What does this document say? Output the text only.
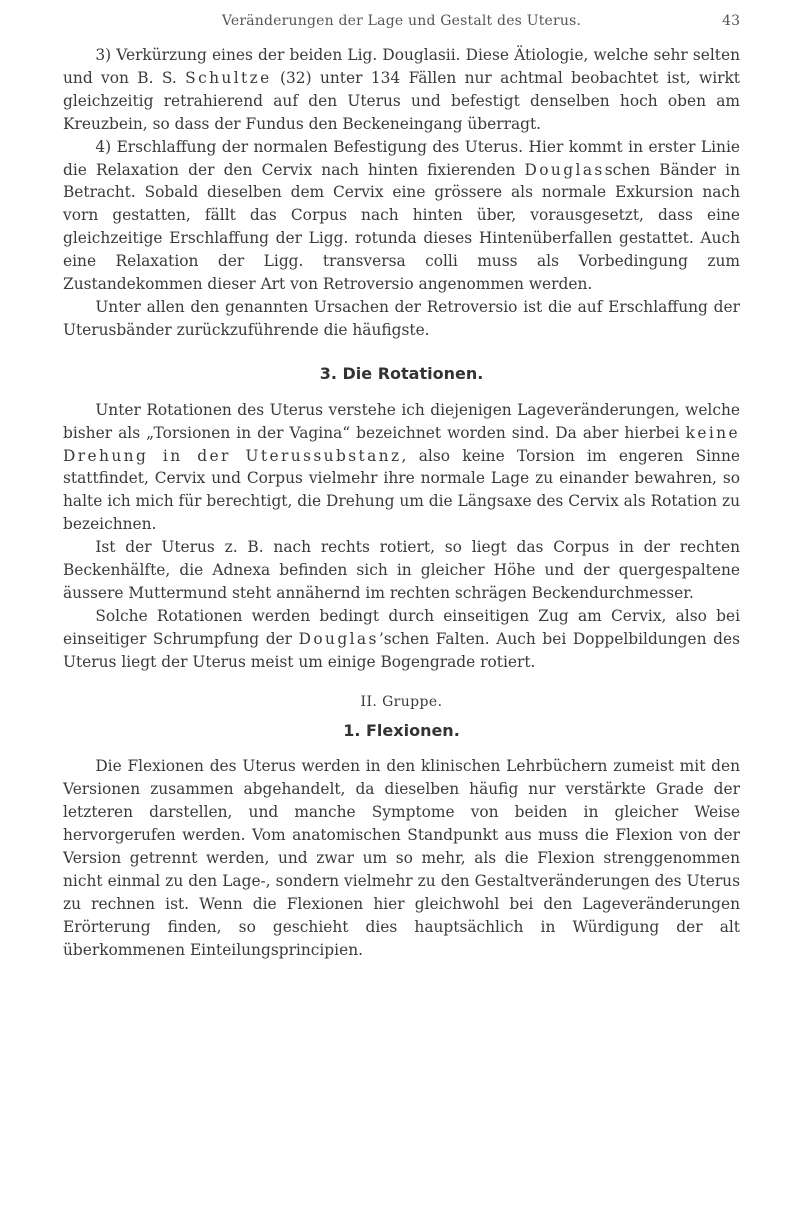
Veränderungen der Lage und Gestalt des Uterus.	43

3) Verkürzung eines der beiden Lig. Douglasii. Diese Ätiologie, welche sehr selten und von B. S. Schultze (32) unter 134 Fällen nur achtmal beobachtet ist, wirkt gleichzeitig retrahierend auf den Uterus und befestigt denselben hoch oben am Kreuzbein, so dass der Fundus den Beckeneingang überragt.

4) Erschlaffung der normalen Befestigung des Uterus. Hier kommt in erster Linie die Relaxation der den Cervix nach hinten fixierenden Douglasschen Bänder in Betracht. Sobald dieselben dem Cervix eine grössere als normale Exkursion nach vorn gestatten, fällt das Corpus nach hinten über, vorausgesetzt, dass eine gleichzeitige Erschlaffung der Ligg. rotunda dieses Hintenüberfallen gestattet. Auch eine Relaxation der Ligg. transversa colli muss als Vorbedingung zum Zustandekommen dieser Art von Retroversio angenommen werden.

Unter allen den genannten Ursachen der Retroversio ist die auf Erschlaffung der Uterusbänder zurückzuführende die häufigste.

3. Die Rotationen.

Unter Rotationen des Uterus verstehe ich diejenigen Lageveränderungen, welche bisher als „Torsionen in der Vagina“ bezeichnet worden sind. Da aber hierbei keine Drehung in der Uterussubstanz, also keine Torsion im engeren Sinne stattfindet, Cervix und Corpus vielmehr ihre normale Lage zu einander bewahren, so halte ich mich für berechtigt, die Drehung um die Längsaxe des Cervix als Rotation zu bezeichnen.

Ist der Uterus z. B. nach rechts rotiert, so liegt das Corpus in der rechten Beckenhälfte, die Adnexa befinden sich in gleicher Höhe und der quergespaltene äussere Muttermund steht annähernd im rechten schrägen Beckendurchmesser.

Solche Rotationen werden bedingt durch einseitigen Zug am Cervix, also bei einseitiger Schrumpfung der Douglas’schen Falten. Auch bei Doppelbildungen des Uterus liegt der Uterus meist um einige Bogengrade rotiert.

II. Gruppe.
1. Flexionen.

Die Flexionen des Uterus werden in den klinischen Lehrbüchern zumeist mit den Versionen zusammen abgehandelt, da dieselben häufig nur verstärkte Grade der letzteren darstellen, und manche Symptome von beiden in gleicher Weise hervorgerufen werden. Vom anatomischen Standpunkt aus muss die Flexion von der Version getrennt werden, und zwar um so mehr, als die Flexion strenggenommen nicht einmal zu den Lage-, sondern vielmehr zu den Gestaltveränderungen des Uterus zu rechnen ist. Wenn die Flexionen hier gleichwohl bei den Lageveränderungen Erörterung finden, so geschieht dies hauptsächlich in Würdigung der alt überkommenen Einteilungsprincipien.
